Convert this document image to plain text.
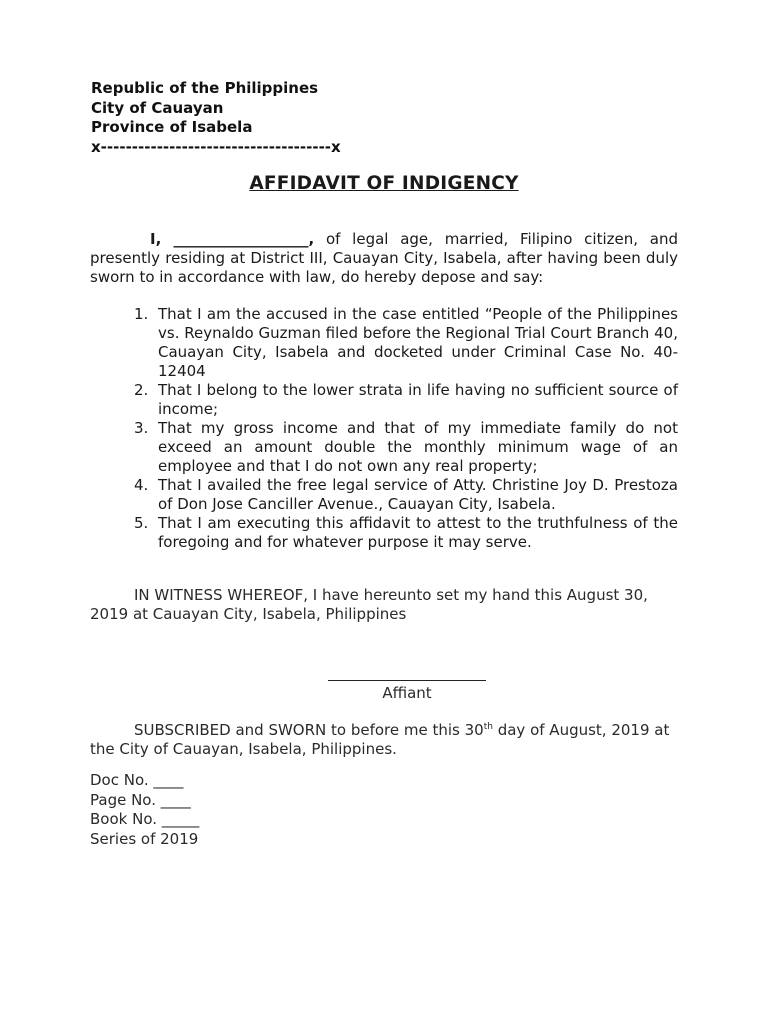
Republic of the Philippines
City of Cauayan
Province of Isabela
x-------------------------------------x
AFFIDAVIT OF INDIGENCY

I, __________________, of legal age, married, Filipino citizen, and presently residing at District III, Cauayan City, Isabela, after having been duly sworn to in accordance with law, do hereby depose and say:

1. That I am the accused in the case entitled “People of the Philippines vs. Reynaldo Guzman filed before the Regional Trial Court Branch 40, Cauayan City, Isabela and docketed under Criminal Case No. 40-12404
2. That I belong to the lower strata in life having no sufficient source of income;
3. That my gross income and that of my immediate family do not exceed an amount double the monthly minimum wage of an employee and that I do not own any real property;
4. That I availed the free legal service of Atty. Christine Joy D. Prestoza of Don Jose Canciller Avenue., Cauayan City, Isabela.
5. That I am executing this affidavit to attest to the truthfulness of the foregoing and for whatever purpose it may serve.

IN WITNESS WHEREOF, I have hereunto set my hand this August 30, 2019 at Cauayan City, Isabela, Philippines

Affiant

SUBSCRIBED and SWORN to before me this 30th day of August, 2019 at the City of Cauayan, Isabela, Philippines.

Doc No. ____
Page No. ____
Book No. _____
Series of 2019
